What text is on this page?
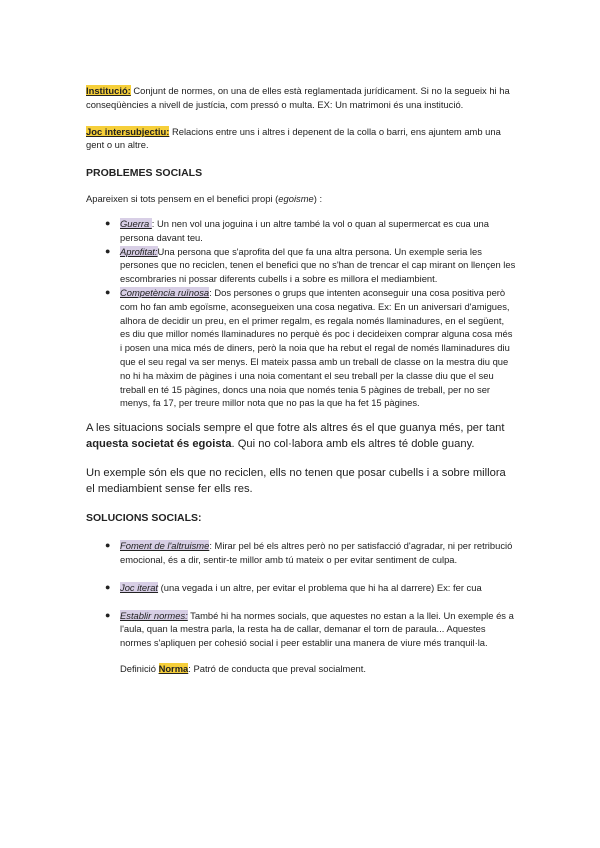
Institució: Conjunt de normes, on una de elles està reglamentada jurídicament. Si no la segueix hi ha conseqüències a nivell de justícia, com pressó o multa. EX: Un matrimoni és una institució.

Joc intersubjectiu: Relacions entre uns i altres i depenent de la colla o barri, ens ajuntem amb una gent o un altre.

PROBLEMES SOCIALS

Apareixen si tots pensem en el benefici propi (egoisme) :

● Guerra : Un nen vol una joguina i un altre també la vol o quan al supermercat es cua una persona davant teu.
● Aprofitat:Una persona que s'aprofita del que fa una altra persona. Un exemple seria les persones que no reciclen, tenen el benefici que no s'han de trencar el cap mirant on llençen les escombraries ni possar diferents cubells i a sobre es millora el mediambient.
● Competència ruïnosa: Dos persones o grups que intenten aconseguir una cosa positiva però com ho fan amb egoïsme, aconsegueixen una cosa negativa. Ex: En un aniversari d'amigues, alhora de decidir un preu, en el primer regalm, es regala només llaminadures, en el següent, es diu que millor només llaminadures no perquè és poc i decideixen comprar alguna cosa més i posen una mica més de diners, però la noia que ha rebut el regal de només llaminadures diu que el seu regal va ser menys. El mateix passa amb un treball de classe on la mestra diu que no hi ha màxim de pàgines i una noia comentant el seu treball per la classe diu que el seu treball en té 15 pàgines, doncs una noia que només tenia 5 pàgines de treball, per no ser menys, fa 17, per treure millor nota que no pas la que ha fet 15 pàgines.

A les situacions socials sempre el que fotre als altres és el que guanya més, per tant aquesta societat és egoista. Qui no col·labora amb els altres té doble guany.

Un exemple són els que no reciclen, ells no tenen que posar cubells i a sobre millora el mediambient sense fer ells res.

SOLUCIONS SOCIALS:
● Foment de l'altruisme: Mirar pel bé els altres però no per satisfacció d'agradar, ni per retribució emocional, és a dir, sentir-te millor amb tú mateix o per evitar sentiment de culpa.
● Joc iterat (una vegada i un altre, per evitar el problema que hi ha al darrere) Ex: fer cua
● Establir normes: També hi ha normes socials, que aquestes no estan a la llei. Un exemple és a l'aula, quan la mestra parla, la resta ha de callar, demanar el torn de paraula... Aquestes normes s'apliquen per cohesió social i peer establir una manera de viure més tranquil·la.

Definició Norma: Patró de conducta que preval socialment.
